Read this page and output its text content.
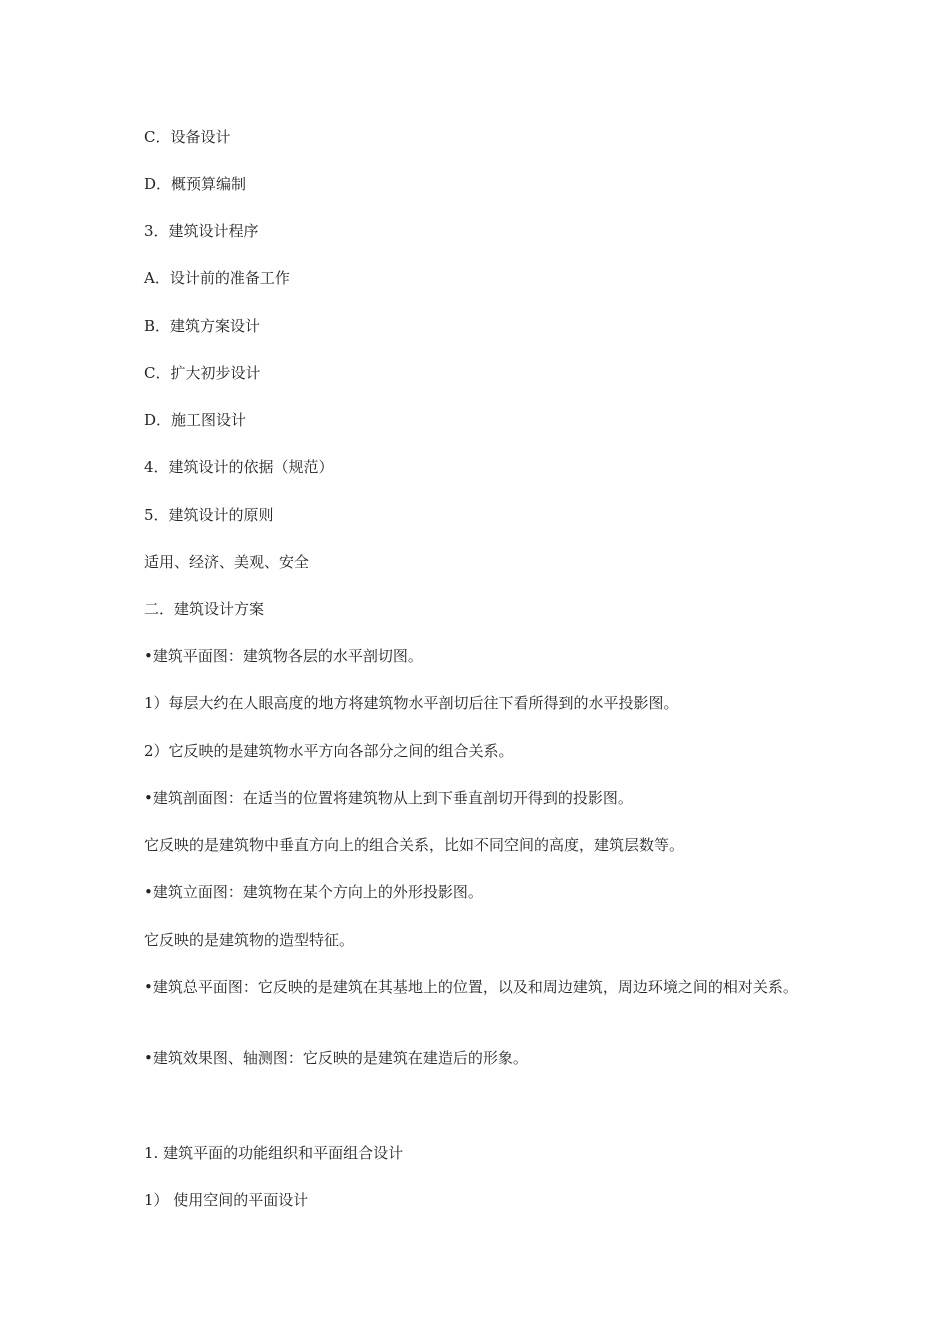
C．设备设计
D．概预算编制
3．建筑设计程序
A．设计前的准备工作
B．建筑方案设计
C．扩大初步设计
D．施工图设计
4．建筑设计的依据（规范）
5．建筑设计的原则
适用、经济、美观、安全
二．建筑设计方案
•建筑平面图：建筑物各层的水平剖切图。
1）每层大约在人眼高度的地方将建筑物水平剖切后往下看所得到的水平投影图。
2）它反映的是建筑物水平方向各部分之间的组合关系。
•建筑剖面图：在适当的位置将建筑物从上到下垂直剖切开得到的投影图。
它反映的是建筑物中垂直方向上的组合关系，比如不同空间的高度，建筑层数等。
•建筑立面图：建筑物在某个方向上的外形投影图。
它反映的是建筑物的造型特征。
•建筑总平面图：它反映的是建筑在其基地上的位置，以及和周边建筑，周边环境之间的相对关系。
•建筑效果图、轴测图：它反映的是建筑在建造后的形象。
1. 建筑平面的功能组织和平面组合设计
1） 使用空间的平面设计
